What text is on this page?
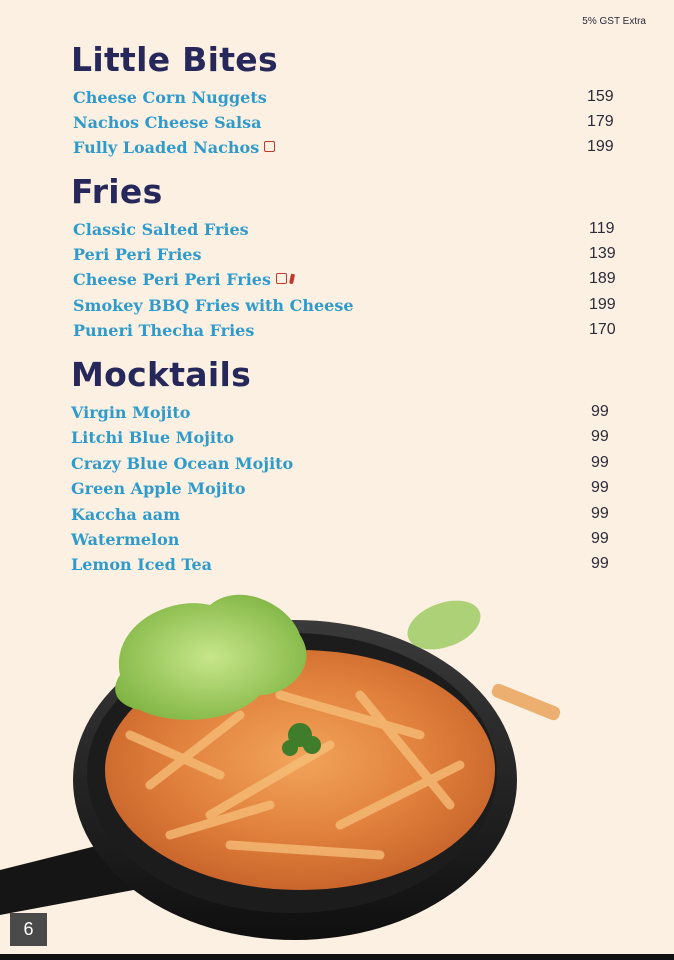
5% GST Extra
Little Bites
Cheese Corn Nuggets	159
Nachos Cheese Salsa	179
Fully Loaded Nachos	199
Fries
Classic Salted Fries	119
Peri Peri Fries	139
Cheese Peri Peri Fries	189
Smokey BBQ Fries with Cheese	199
Puneri Thecha Fries	170
Mocktails
Virgin Mojito	99
Litchi Blue Mojito	99
Crazy Blue Ocean Mojito	99
Green Apple Mojito	99
Kaccha aam	99
Watermelon	99
Lemon Iced Tea	99
6
